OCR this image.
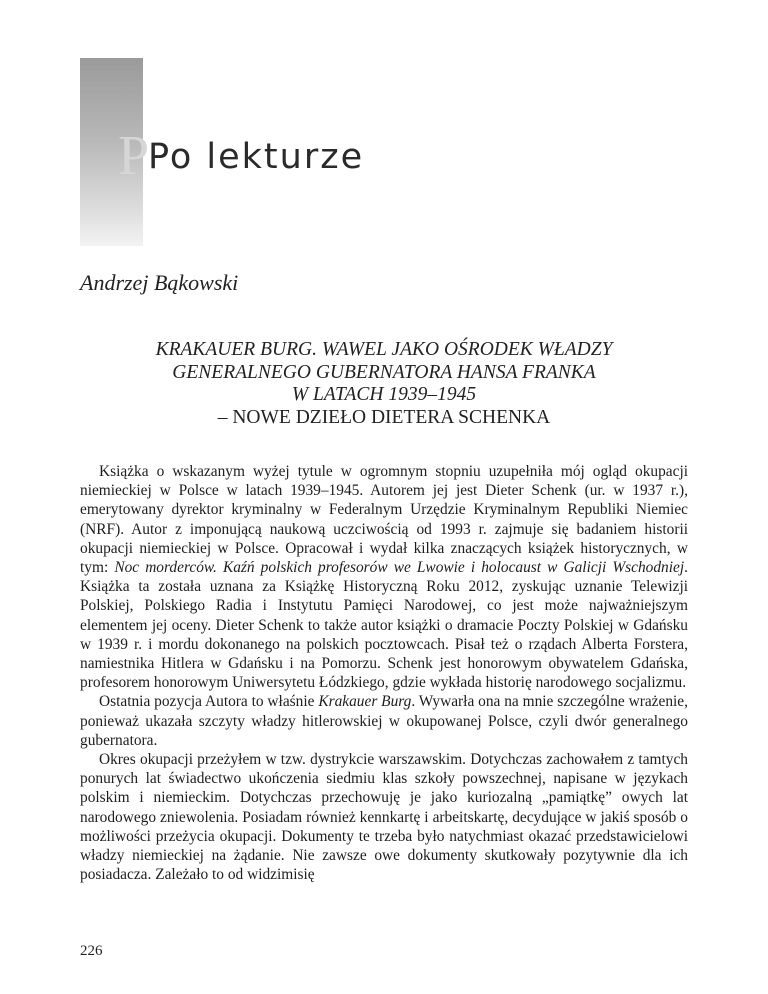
P
Po lekturze
Andrzej Bąkowski
KRAKAUER BURG. WAWEL JAKO OŚRODEK WŁADZY
GENERALNEGO GUBERNATORA HANSA FRANKA
W LATACH 1939–1945
– NOWE DZIEŁO DIETERA SCHENKA

Książka o wskazanym wyżej tytule w ogromnym stopniu uzupełniła mój ogląd okupacji niemieckiej w Polsce w latach 1939–1945. Autorem jej jest Dieter Schenk (ur. w 1937 r.), emerytowany dyrektor kryminalny w Federalnym Urzędzie Kryminalnym Republiki Niemiec (NRF). Autor z imponującą naukową uczciwością od 1993 r. zajmuje się badaniem historii okupacji niemieckiej w Polsce. Opracował i wydał kilka znaczących książek historycznych, w tym: Noc morderców. Kaźń polskich profesorów we Lwowie i holocaust w Galicji Wschodniej. Książka ta została uznana za Książkę Historyczną Roku 2012, zyskując uznanie Telewizji Polskiej, Polskiego Radia i Instytutu Pamięci Narodowej, co jest może najważniejszym elementem jej oceny. Dieter Schenk to także autor książki o dramacie Poczty Polskiej w Gdańsku w 1939 r. i mordu dokonanego na polskich pocztowcach. Pisał też o rządach Alberta Forstera, namiestnika Hitlera w Gdańsku i na Pomorzu. Schenk jest honorowym obywatelem Gdańska, profesorem honorowym Uniwersytetu Łódzkiego, gdzie wykłada historię narodowego socjalizmu.

Ostatnia pozycja Autora to właśnie Krakauer Burg. Wywarła ona na mnie szczególne wrażenie, ponieważ ukazała szczyty władzy hitlerowskiej w okupowanej Polsce, czyli dwór generalnego gubernatora.

Okres okupacji przeżyłem w tzw. dystrykcie warszawskim. Dotychczas zachowałem z tamtych ponurych lat świadectwo ukończenia siedmiu klas szkoły powszechnej, napisane w językach polskim i niemieckim. Dotychczas przechowuję je jako kuriozalną „pamiątkę” owych lat narodowego zniewolenia. Posiadam również kennkartę i arbeitskartę, decydujące w jakiś sposób o możliwości przeżycia okupacji. Dokumenty te trzeba było natychmiast okazać przedstawicielowi władzy niemieckiej na żądanie. Nie zawsze owe dokumenty skutkowały pozytywnie dla ich posiadacza. Zależało to od widzimisię

226
